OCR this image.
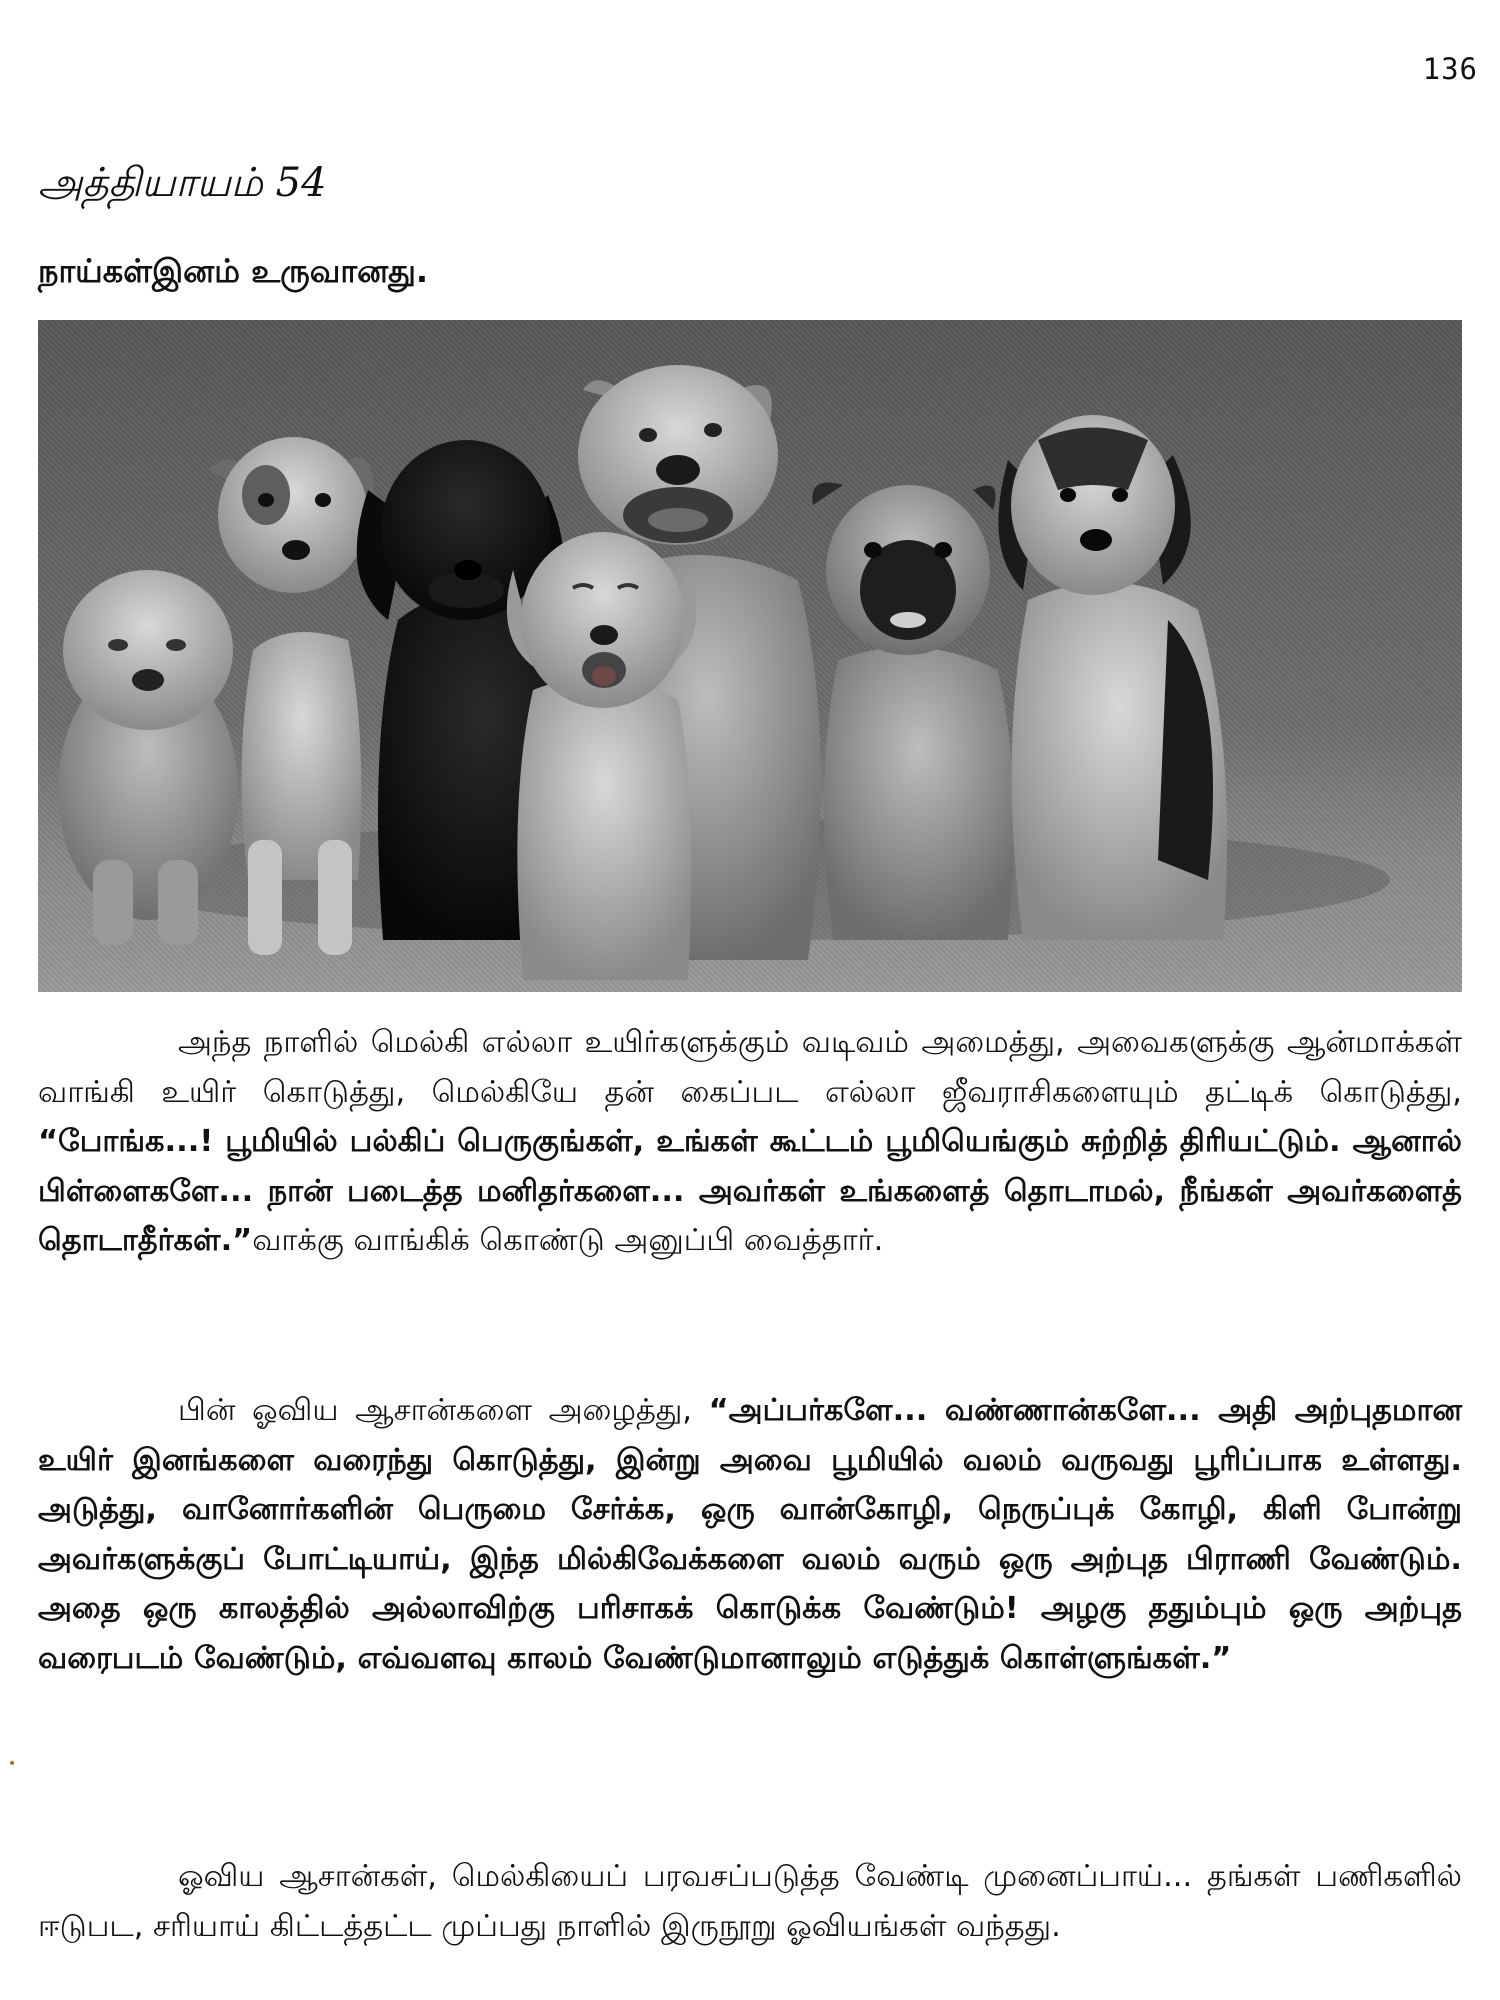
136
அத்தியாயம் 54
நாய்கள்இனம் உருவானது.
அந்த நாளில் மெல்கி எல்லா உயிர்களுக்கும் வடிவம் அமைத்து, அவைகளுக்கு ஆன்மாக்கள் வாங்கி உயிர் கொடுத்து, மெல்கியே தன் கைப்பட எல்லா ஜீவராசிகளையும் தட்டிக் கொடுத்து, “போங்க...! பூமியில் பல்கிப் பெருகுங்கள், உங்கள் கூட்டம் பூமியெங்கும் சுற்றித் திரியட்டும். ஆனால் பிள்ளைகளே... நான் படைத்த மனிதர்களை... அவர்கள் உங்களைத் தொடாமல், நீங்கள் அவர்களைத் தொடாதீர்கள்.”வாக்கு வாங்கிக் கொண்டு அனுப்பி வைத்தார்.
பின் ஓவிய ஆசான்களை அழைத்து, “அப்பர்களே... வண்ணான்களே... அதி அற்புதமான உயிர் இனங்களை வரைந்து கொடுத்து, இன்று அவை பூமியில் வலம் வருவது பூரிப்பாக உள்ளது. அடுத்து, வானோர்களின் பெருமை சேர்க்க, ஒரு வான்கோழி, நெருப்புக் கோழி, கிளி போன்று அவர்களுக்குப் போட்டியாய், இந்த மில்கிவேக்களை வலம் வரும் ஒரு அற்புத பிராணி வேண்டும். அதை ஒரு காலத்தில் அல்லாவிற்கு பரிசாகக் கொடுக்க வேண்டும்! அழகு ததும்பும் ஒரு அற்புத வரைபடம் வேண்டும், எவ்வளவு காலம் வேண்டுமானாலும் எடுத்துக் கொள்ளுங்கள்.”
ஓவிய ஆசான்கள், மெல்கியைப் பரவசப்படுத்த வேண்டி முனைப்பாய்... தங்கள் பணிகளில் ஈடுபட, சரியாய் கிட்டத்தட்ட முப்பது நாளில் இருநூறு ஓவியங்கள் வந்தது.
•
